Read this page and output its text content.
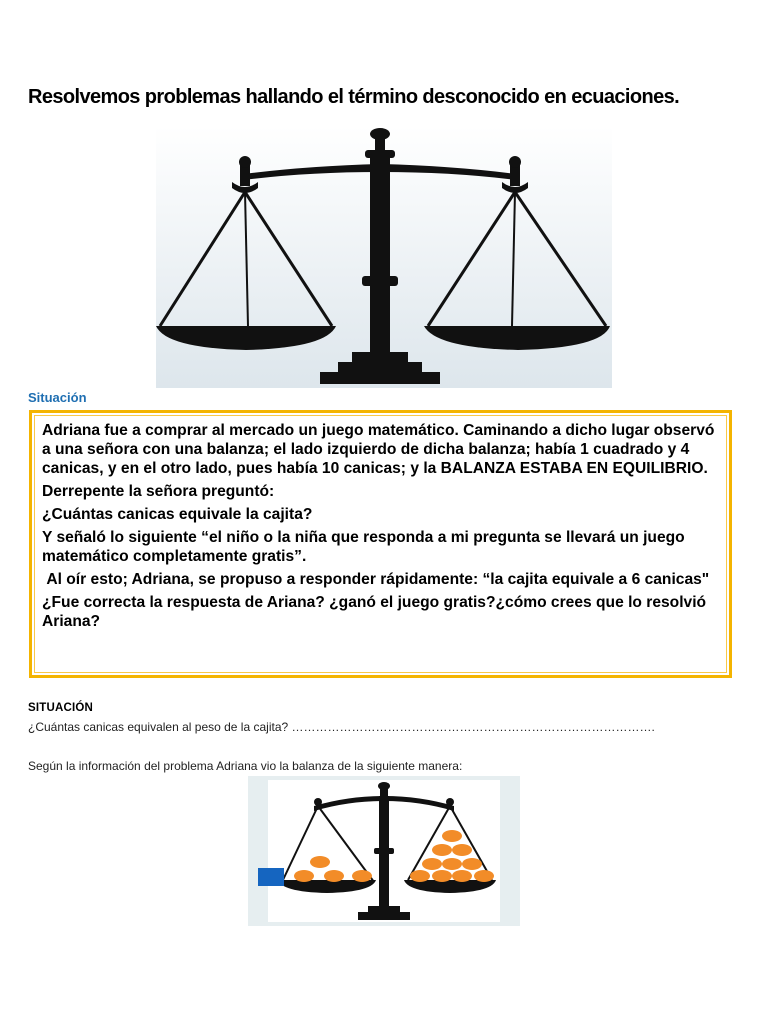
Resolvemos problemas hallando el término desconocido en ecuaciones.
Situación

Adriana fue a comprar al mercado un juego matemático. Caminando a dicho lugar observó a una señora con una balanza; el lado izquierdo de dicha balanza; había 1 cuadrado y 4 canicas, y en el otro lado, pues había 10 canicas; y la BALANZA ESTABA EN EQUILIBRIO.

Derrepente la señora preguntó:

¿Cuántas canicas equivale la cajita?

Y señaló lo siguiente “el niño o la niña que responda a mi pregunta se llevará un juego matemático completamente gratis”.

Al oír esto; Adriana, se propuso a responder rápidamente: “la cajita equivale a 6 canicas"

¿Fue correcta la respuesta de Ariana? ¿ganó el juego gratis?¿cómo crees que lo resolvió Ariana?

SITUACIÓN
¿Cuántas canicas equivalen al peso de la cajita? ……………………………………………………………………………….
Según la información del problema Adriana vio la balanza de la siguiente manera:
